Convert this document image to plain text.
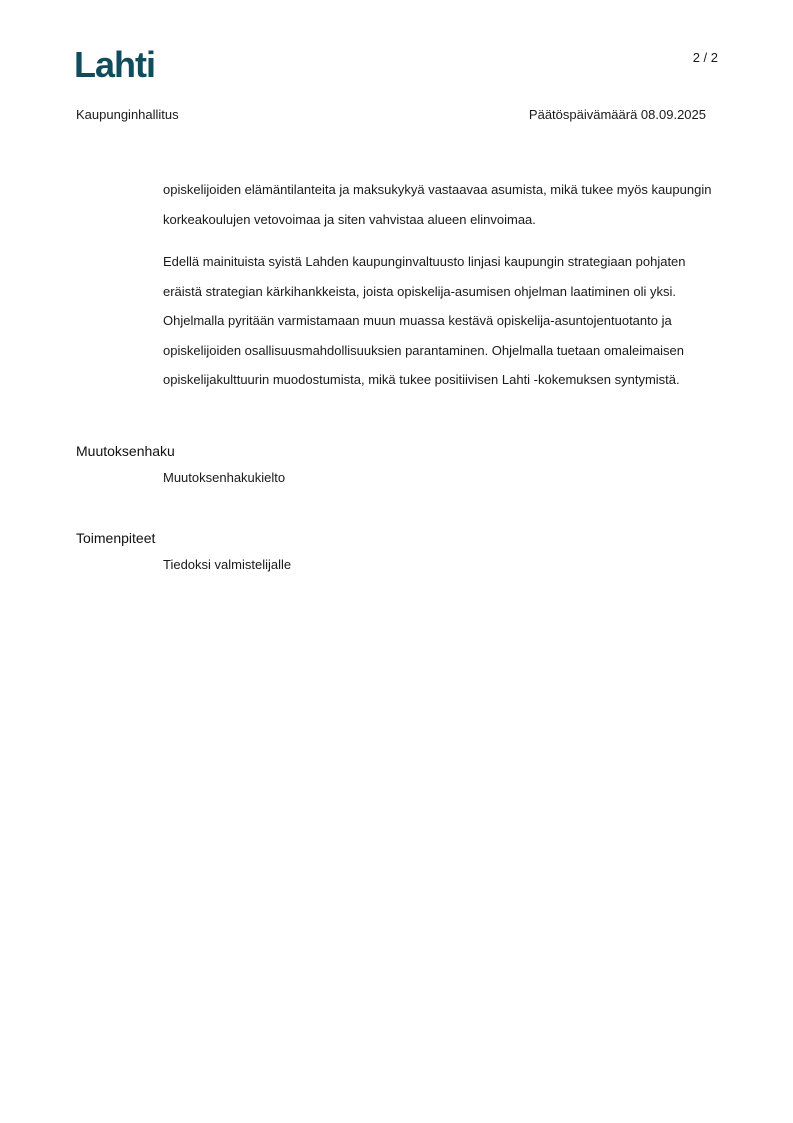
Lahti	2 / 2
Kaupunginhallitus	Päätöspäivämäärä 08.09.2025

opiskelijoiden elämäntilanteita ja maksukykyä vastaavaa asumista, mikä tukee myös kaupungin korkeakoulujen vetovoimaa ja siten vahvistaa alueen elinvoimaa.

Edellä mainituista syistä Lahden kaupunginvaltuusto linjasi kaupungin strategiaan pohjaten eräistä strategian kärkihankkeista, joista opiskelija-asumisen ohjelman laatiminen oli yksi. Ohjelmalla pyritään varmistamaan muun muassa kestävä opiskelija-asuntojentuotanto ja opiskelijoiden osallisuusmahdollisuuksien parantaminen. Ohjelmalla tuetaan omaleimaisen opiskelijakulttuurin muodostumista, mikä tukee positiivisen Lahti -kokemuksen syntymistä.

Muutoksenhaku
Muutoksenhakukielto
Toimenpiteet
Tiedoksi valmistelijalle
